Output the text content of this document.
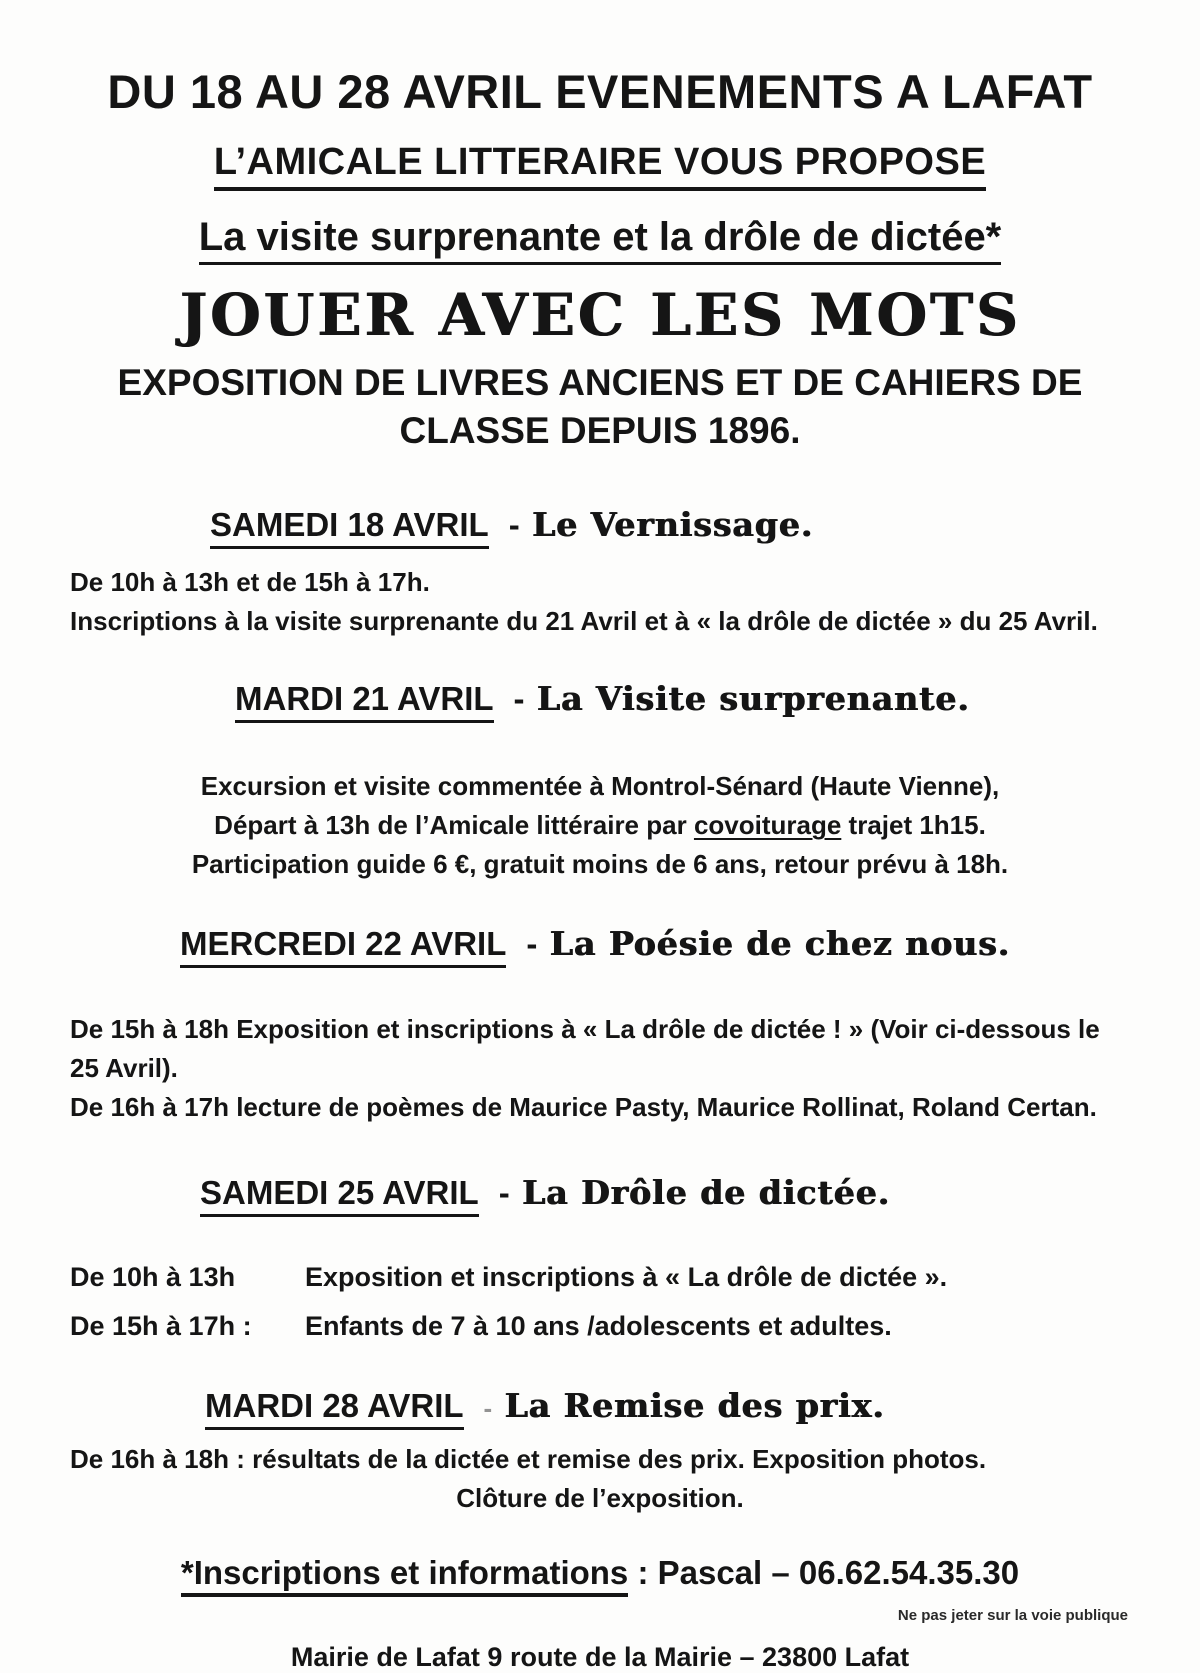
DU 18 AU 28 AVRIL EVENEMENTS A LAFAT
L’AMICALE LITTERAIRE VOUS PROPOSE
La visite surprenante et la drôle de dictée*
JOUER AVEC LES MOTS
EXPOSITION DE LIVRES ANCIENS ET DE CAHIERS DE
CLASSE DEPUIS 1896.
SAMEDI 18 AVRIL - Le Vernissage.
De 10h à 13h et de 15h à 17h.
Inscriptions à la visite surprenante du 21 Avril et à « la drôle de dictée » du 25 Avril.
MARDI 21 AVRIL - La Visite surprenante.
Excursion et visite commentée à Montrol-Sénard (Haute Vienne),
Départ à 13h de l’Amicale littéraire par covoiturage trajet 1h15.
Participation guide 6 €, gratuit moins de 6 ans, retour prévu à 18h.
MERCREDI 22 AVRIL - La Poésie de chez nous.
De 15h à 18h Exposition et inscriptions à « La drôle de dictée ! » (Voir ci-dessous le 25 Avril).
De 16h à 17h lecture de poèmes de Maurice Pasty, Maurice Rollinat, Roland Certan.
SAMEDI 25 AVRIL - La Drôle de dictée.
De 10h à 13h	Exposition et inscriptions à « La drôle de dictée ».
De 15h à 17h :	Enfants de 7 à 10 ans /adolescents et adultes.
MARDI 28 AVRIL - La Remise des prix.
De 16h à 18h : résultats de la dictée et remise des prix. Exposition photos.
Clôture de l’exposition.
*Inscriptions et informations : Pascal – 06.62.54.35.30
Mairie de Lafat 9 route de la Mairie – 23800 Lafat
Ne pas jeter sur la voie publique
